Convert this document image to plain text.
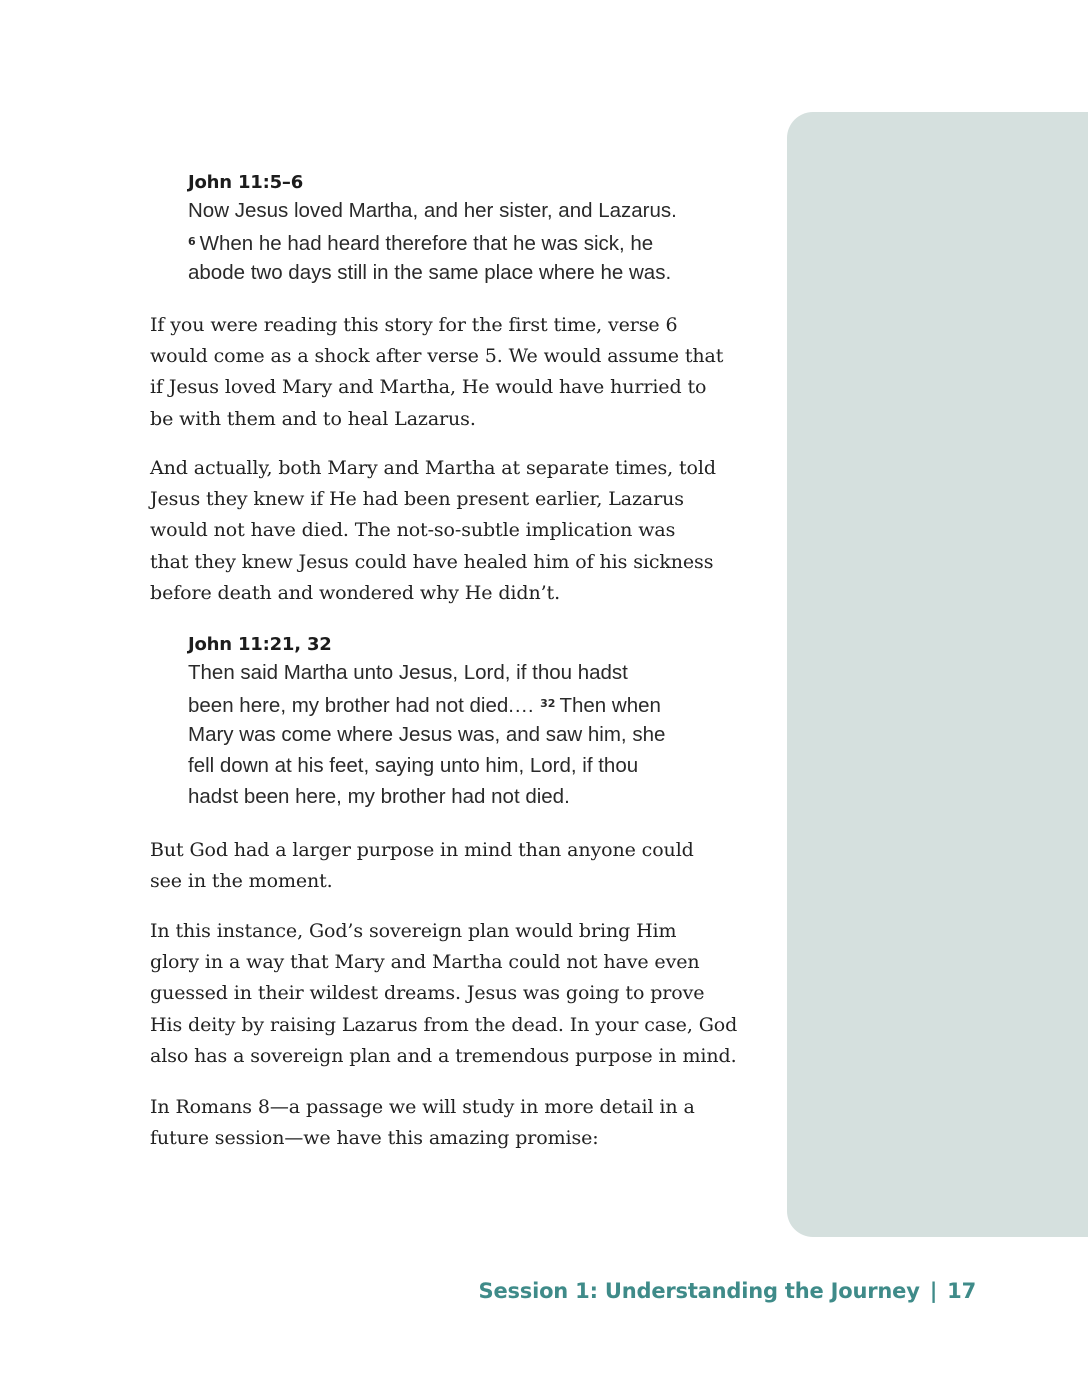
John 11:5–6
Now Jesus loved Martha, and her sister, and Lazarus.
$^6$ When he had heard therefore that he was sick, he
abode two days still in the same place where he was.
If you were reading this story for the first time, verse 6
would come as a shock after verse 5. We would assume that
if Jesus loved Mary and Martha, He would have hurried to
be with them and to heal Lazarus.
And actually, both Mary and Martha at separate times, told
Jesus they knew if He had been present earlier, Lazarus
would not have died. The not-so-subtle implication was
that they knew Jesus could have healed him of his sickness
before death and wondered why He didn’t.
John 11:21, 32
Then said Martha unto Jesus, Lord, if thou hadst
been here, my brother had not died.… $^{32}$ Then when
Mary was come where Jesus was, and saw him, she
fell down at his feet, saying unto him, Lord, if thou
hadst been here, my brother had not died.
But God had a larger purpose in mind than anyone could
see in the moment.
In this instance, God’s sovereign plan would bring Him
glory in a way that Mary and Martha could not have even
guessed in their wildest dreams. Jesus was going to prove
His deity by raising Lazarus from the dead. In your case, God
also has a sovereign plan and a tremendous purpose in mind.
In Romans 8—a passage we will study in more detail in a
future session—we have this amazing promise:
Session 1: Understanding the Journey | 17
